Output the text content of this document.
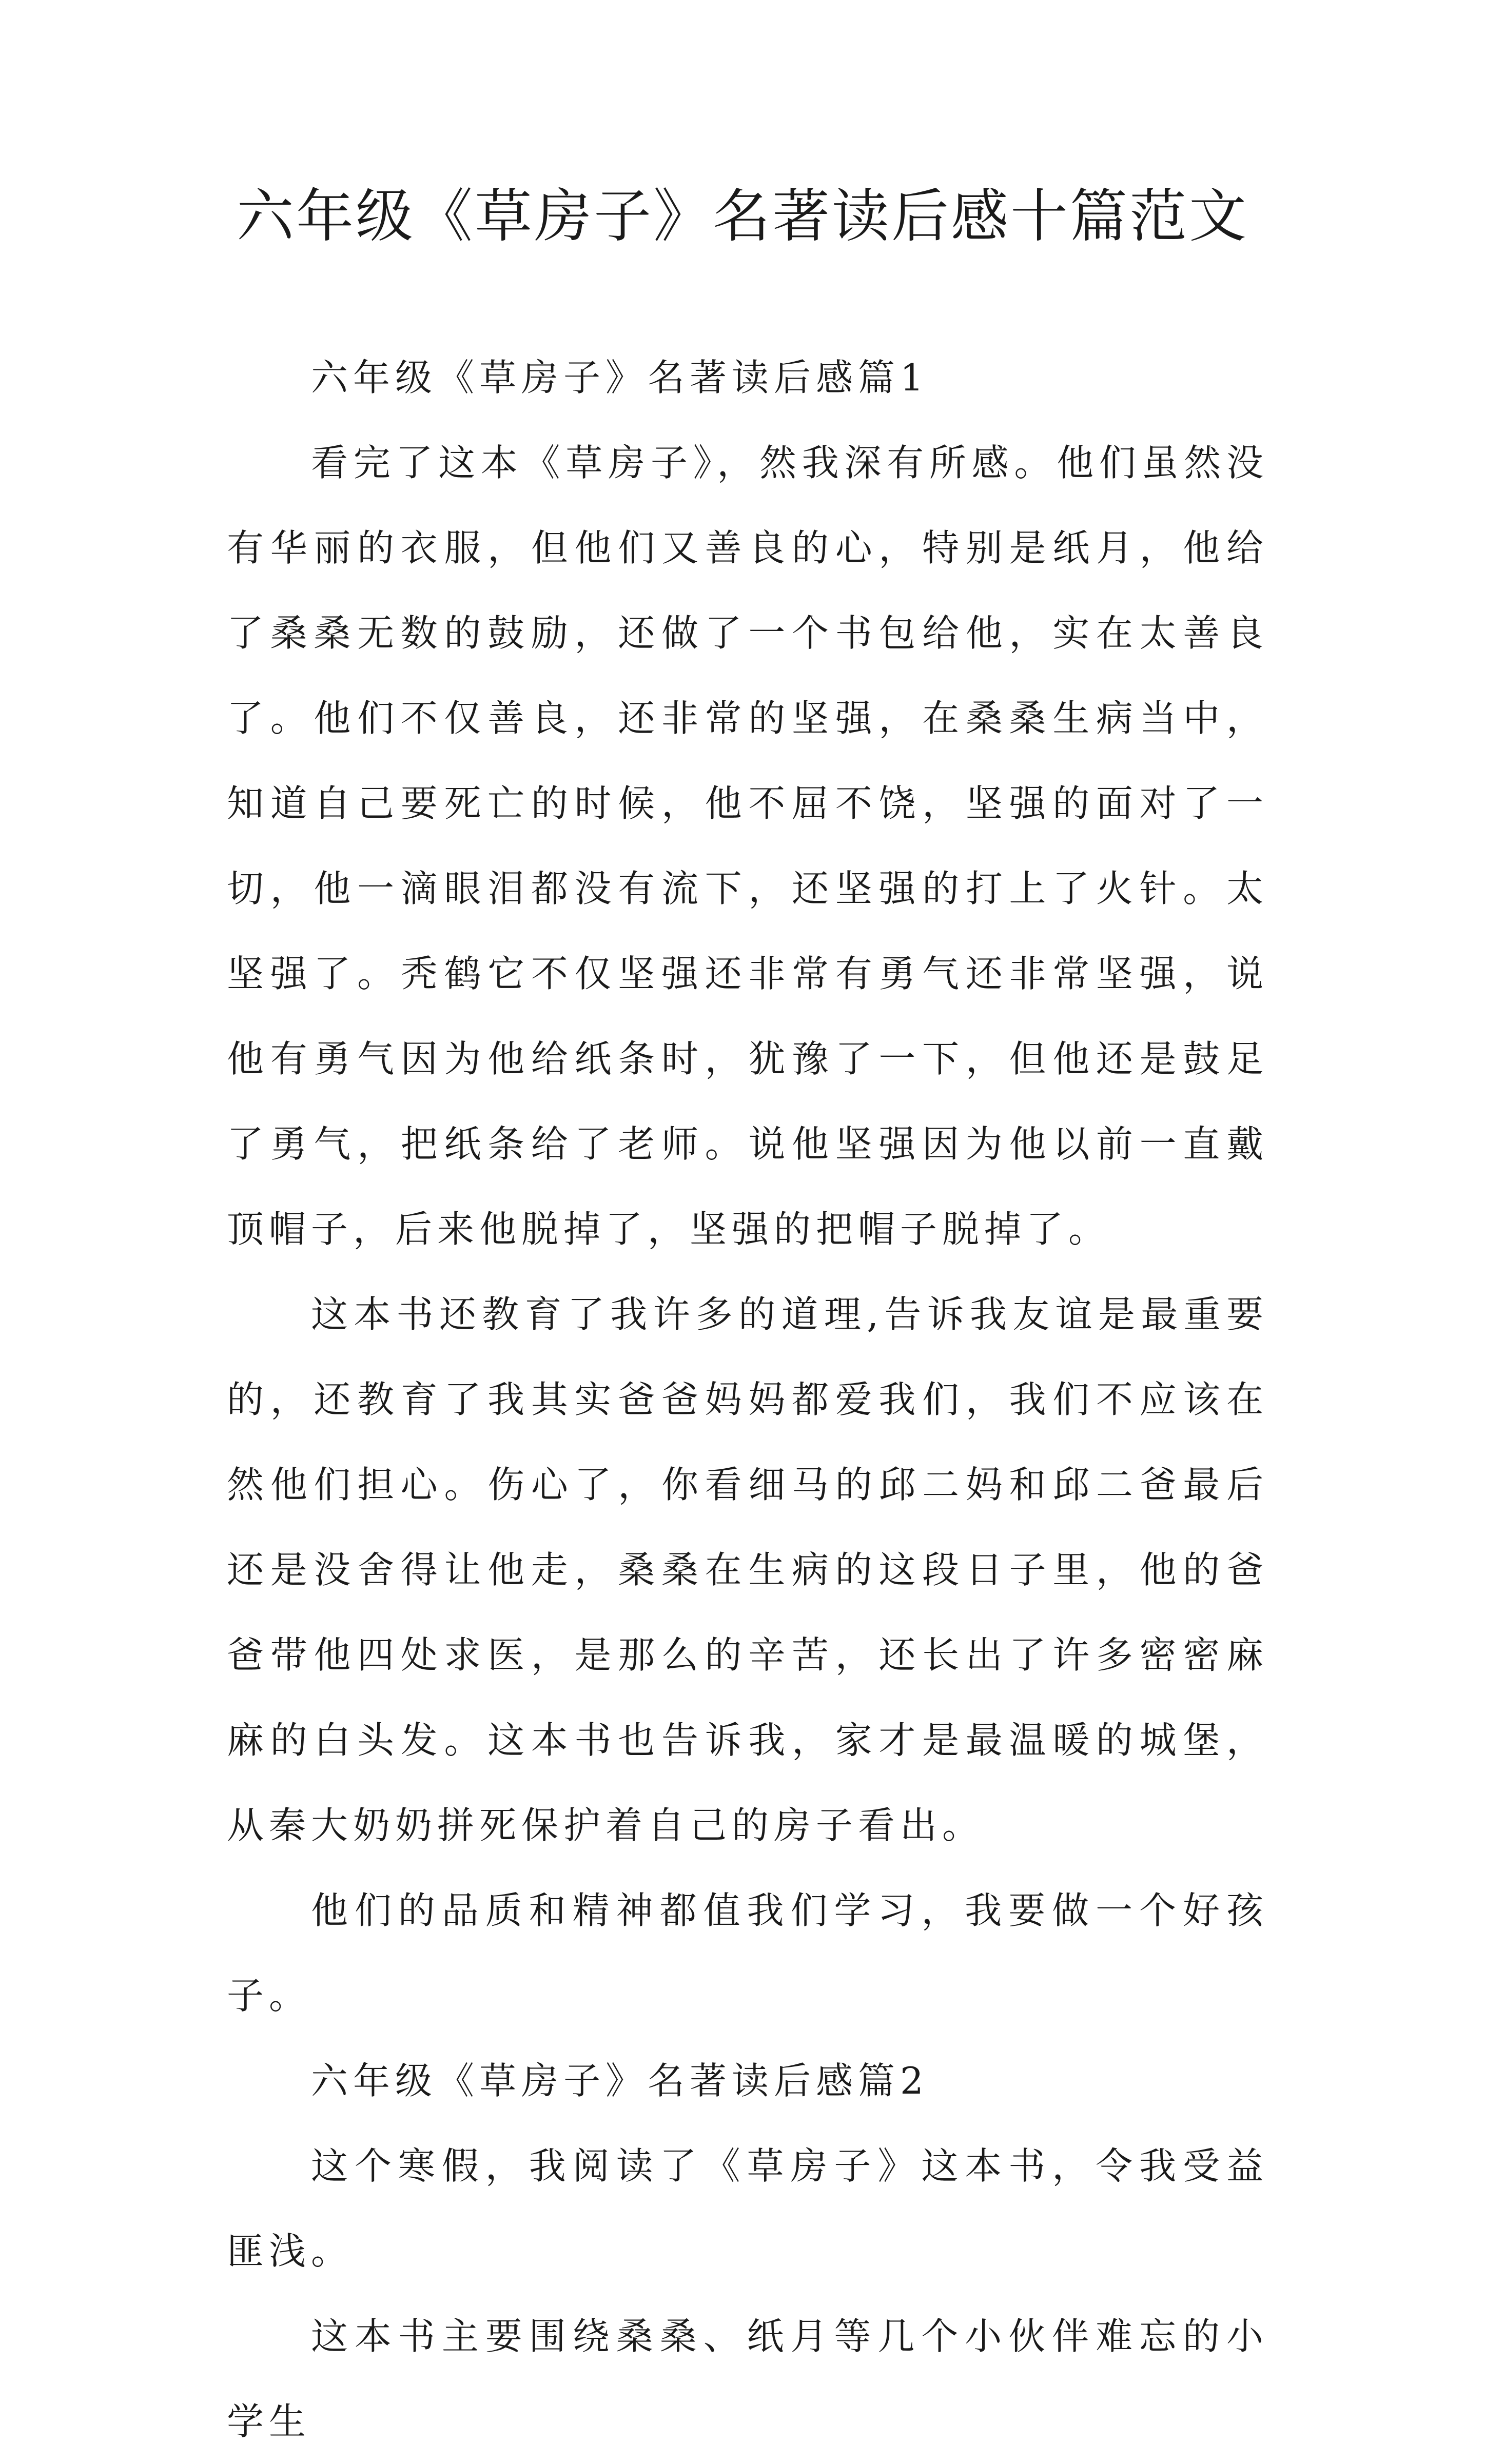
六年级《草房子》名著读后感十篇范文

六年级《草房子》名著读后感篇1

看完了这本《草房子》，然我深有所感。他们虽然没有华丽的衣服，但他们又善良的心，特别是纸月，他给了桑桑无数的鼓励，还做了一个书包给他，实在太善良了。他们不仅善良，还非常的坚强，在桑桑生病当中，知道自己要死亡的时候，他不屈不饶，坚强的面对了一切，他一滴眼泪都没有流下，还坚强的打上了火针。太坚强了。秃鹤它不仅坚强还非常有勇气还非常坚强，说他有勇气因为他给纸条时，犹豫了一下，但他还是鼓足了勇气，把纸条给了老师。说他坚强因为他以前一直戴顶帽子，后来他脱掉了，坚强的把帽子脱掉了。

这本书还教育了我许多的道理,告诉我友谊是最重要的，还教育了我其实爸爸妈妈都爱我们，我们不应该在然他们担心。伤心了，你看细马的邱二妈和邱二爸最后还是没舍得让他走，桑桑在生病的这段日子里，他的爸爸带他四处求医，是那么的辛苦，还长出了许多密密麻麻的白头发。这本书也告诉我，家才是最温暖的城堡，从秦大奶奶拼死保护着自己的房子看出。

他们的品质和精神都值我们学习，我要做一个好孩子。

六年级《草房子》名著读后感篇2

这个寒假，我阅读了《草房子》这本书，令我受益匪浅。

这本书主要围绕桑桑、纸月等几个小伙伴难忘的小学生
